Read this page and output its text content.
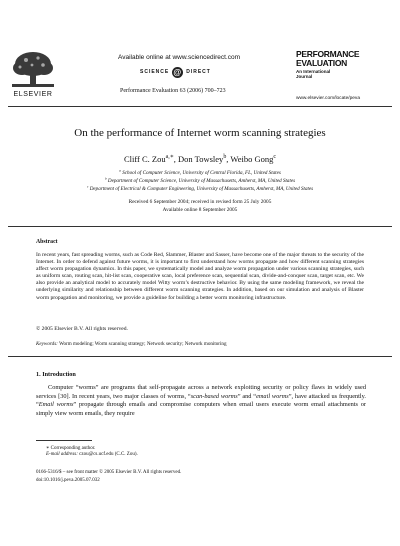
ELSEVIER
Available online at www.sciencedirect.com
SCIENCE @ DIRECT
Performance Evaluation 63 (2006) 700–723
PERFORMANCE
EVALUATION
An International
Journal
www.elsevier.com/locate/peva
On the performance of Internet worm scanning strategies
Cliff C. Zou$^{a,∗}$, Don Towsley$^b$, Weibo Gong$^c$
$^a$ School of Computer Science, University of Central Florida, FL, United States
$^b$ Department of Computer Science, University of Massachusetts, Amherst, MA, United States
$^c$ Department of Electrical & Computer Engineering, University of Massachusetts, Amherst, MA, United States
Received 6 September 2004; received in revised form 25 July 2005
Available online 8 September 2005
Abstract

In recent years, fast spreading worms, such as Code Red, Slammer, Blaster and Sasser, have become one of the major threats to the security of the Internet. In order to defend against future worms, it is important to first understand how worms propagate and how different scanning strategies affect worm propagation dynamics. In this paper, we systematically model and analyze worm propagation under various scanning strategies, such as uniform scan, routing scan, hit-list scan, cooperative scan, local preference scan, sequential scan, divide-and-conquer scan, target scan, etc. We also provide an analytical model to accurately model Witty worm’s destructive behavior. By using the same modeling framework, we reveal the underlying similarity and relationship between different worm scanning strategies. In addition, based on our simulation and analysis of Blaster worm propagation and monitoring, we provide a guideline for building a better worm monitoring infrastructure.

© 2005 Elsevier B.V. All rights reserved.
Keywords: Worm modeling; Worm scanning strategy; Network security; Network monitoring
1. Introduction

Computer “worms” are programs that self-propagate across a network exploiting security or policy flaws in widely used services [30]. In recent years, two major classes of worms, “scan-based worms” and “email worms”, have attacked us frequently. “Email worms” propagate through emails and compromise computers when email users execute worm email attachments or simply view worm emails, they require

∗ Corresponding author.
E-mail address: czou@cs.ucf.edu (C.C. Zou).
0166-5316/$ – see front matter © 2005 Elsevier B.V. All rights reserved.
doi:10.1016/j.peva.2005.07.032
